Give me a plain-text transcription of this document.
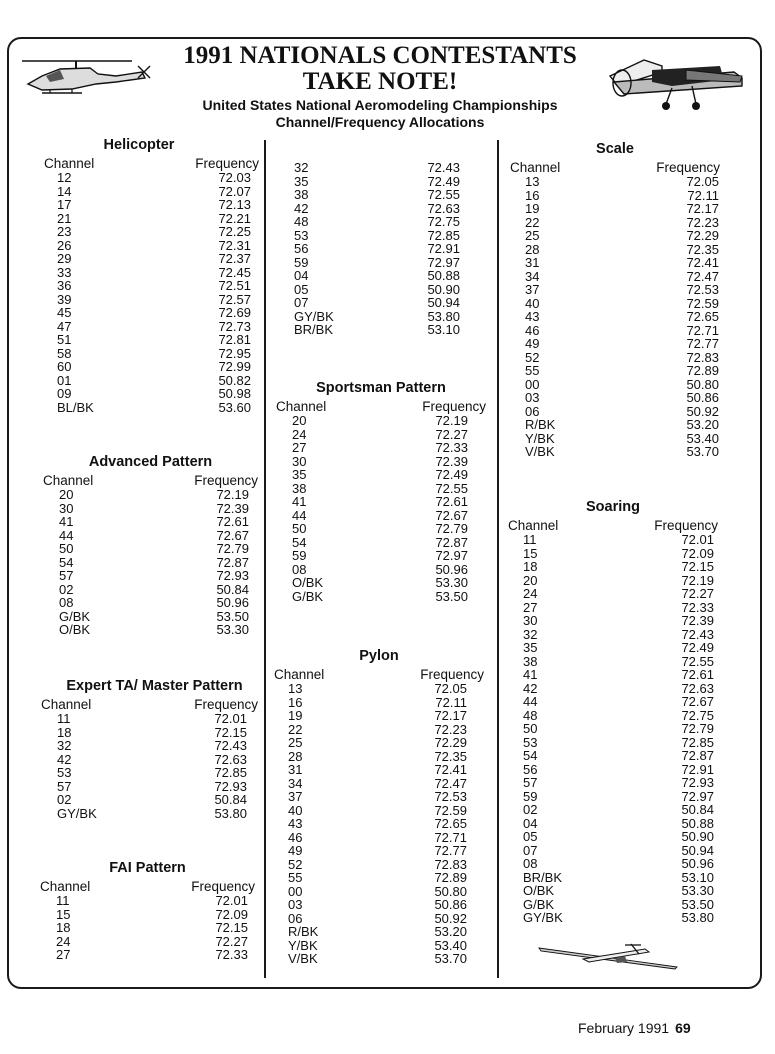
1991 NATIONALS CONTESTANTS
TAKE NOTE!
United States National Aeromodeling Championships
Channel/Frequency Allocations
Helicopter
Channel	Frequency
12	72.03
14	72.07
17	72.13
21	72.21
23	72.25
26	72.31
29	72.37
33	72.45
36	72.51
39	72.57
45	72.69
47	72.73
51	72.81
58	72.95
60	72.99
01	50.82
09	50.98
BL/BK	53.60
Advanced Pattern
Channel	Frequency
20	72.19
30	72.39
41	72.61
44	72.67
50	72.79
54	72.87
57	72.93
02	50.84
08	50.96
G/BK	53.50
O/BK	53.30
Expert TA/ Master Pattern
Channel	Frequency
11	72.01
18	72.15
32	72.43
42	72.63
53	72.85
57	72.93
02	50.84
GY/BK	53.80
FAI Pattern
Channel	Frequency
11	72.01
15	72.09
18	72.15
24	72.27
27	72.33
32	72.43
35	72.49
38	72.55
42	72.63
48	72.75
53	72.85
56	72.91
59	72.97
04	50.88
05	50.90
07	50.94
GY/BK	53.80
BR/BK	53.10
Sportsman Pattern
Channel	Frequency
20	72.19
24	72.27
27	72.33
30	72.39
35	72.49
38	72.55
41	72.61
44	72.67
50	72.79
54	72.87
59	72.97
08	50.96
O/BK	53.30
G/BK	53.50
Pylon
Channel	Frequency
13	72.05
16	72.11
19	72.17
22	72.23
25	72.29
28	72.35
31	72.41
34	72.47
37	72.53
40	72.59
43	72.65
46	72.71
49	72.77
52	72.83
55	72.89
00	50.80
03	50.86
06	50.92
R/BK	53.20
Y/BK	53.40
V/BK	53.70
Scale
Channel	Frequency
13	72.05
16	72.11
19	72.17
22	72.23
25	72.29
28	72.35
31	72.41
34	72.47
37	72.53
40	72.59
43	72.65
46	72.71
49	72.77
52	72.83
55	72.89
00	50.80
03	50.86
06	50.92
R/BK	53.20
Y/BK	53.40
V/BK	53.70
Soaring
Channel	Frequency
11	72.01
15	72.09
18	72.15
20	72.19
24	72.27
27	72.33
30	72.39
32	72.43
35	72.49
38	72.55
41	72.61
42	72.63
44	72.67
48	72.75
50	72.79
53	72.85
54	72.87
56	72.91
57	72.93
59	72.97
02	50.84
04	50.88
05	50.90
07	50.94
08	50.96
BR/BK	53.10
O/BK	53.30
G/BK	53.50
GY/BK	53.80
February 1991 69
